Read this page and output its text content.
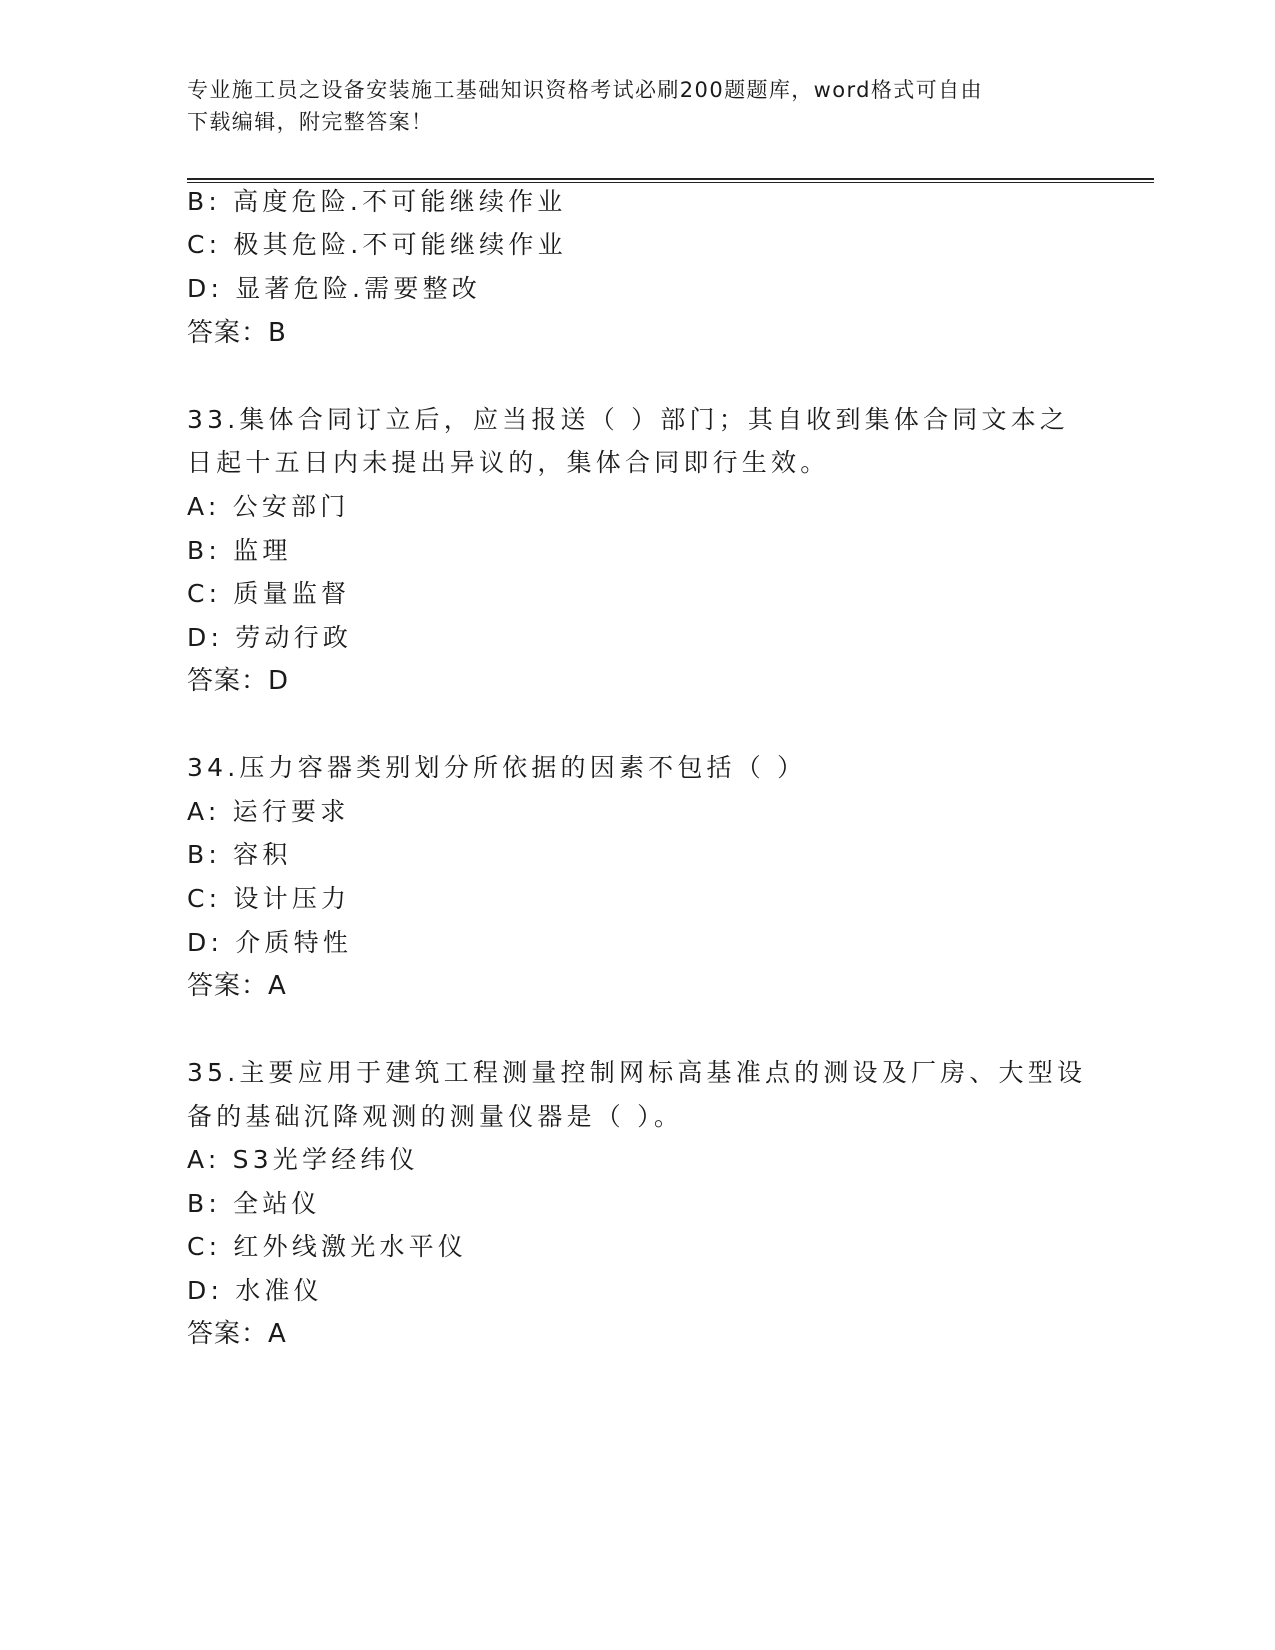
专业施工员之设备安装施工基础知识资格考试必刷200题题库，word格式可自由
下载编辑，附完整答案！
B: 高度危险.不可能继续作业
C: 极其危险.不可能继续作业
D: 显著危险.需要整改
答案：B
33.集体合同订立后，应当报送（ ）部门；其自收到集体合同文本之
日起十五日内未提出异议的，集体合同即行生效。
A: 公安部门
B: 监理
C: 质量监督
D: 劳动行政
答案：D
34.压力容器类别划分所依据的因素不包括（ ）
A: 运行要求
B: 容积
C: 设计压力
D: 介质特性
答案：A
35.主要应用于建筑工程测量控制网标高基准点的测设及厂房、大型设
备的基础沉降观测的测量仪器是（ ）。
A: S3光学经纬仪
B: 全站仪
C: 红外线激光水平仪
D: 水准仪
答案：A
